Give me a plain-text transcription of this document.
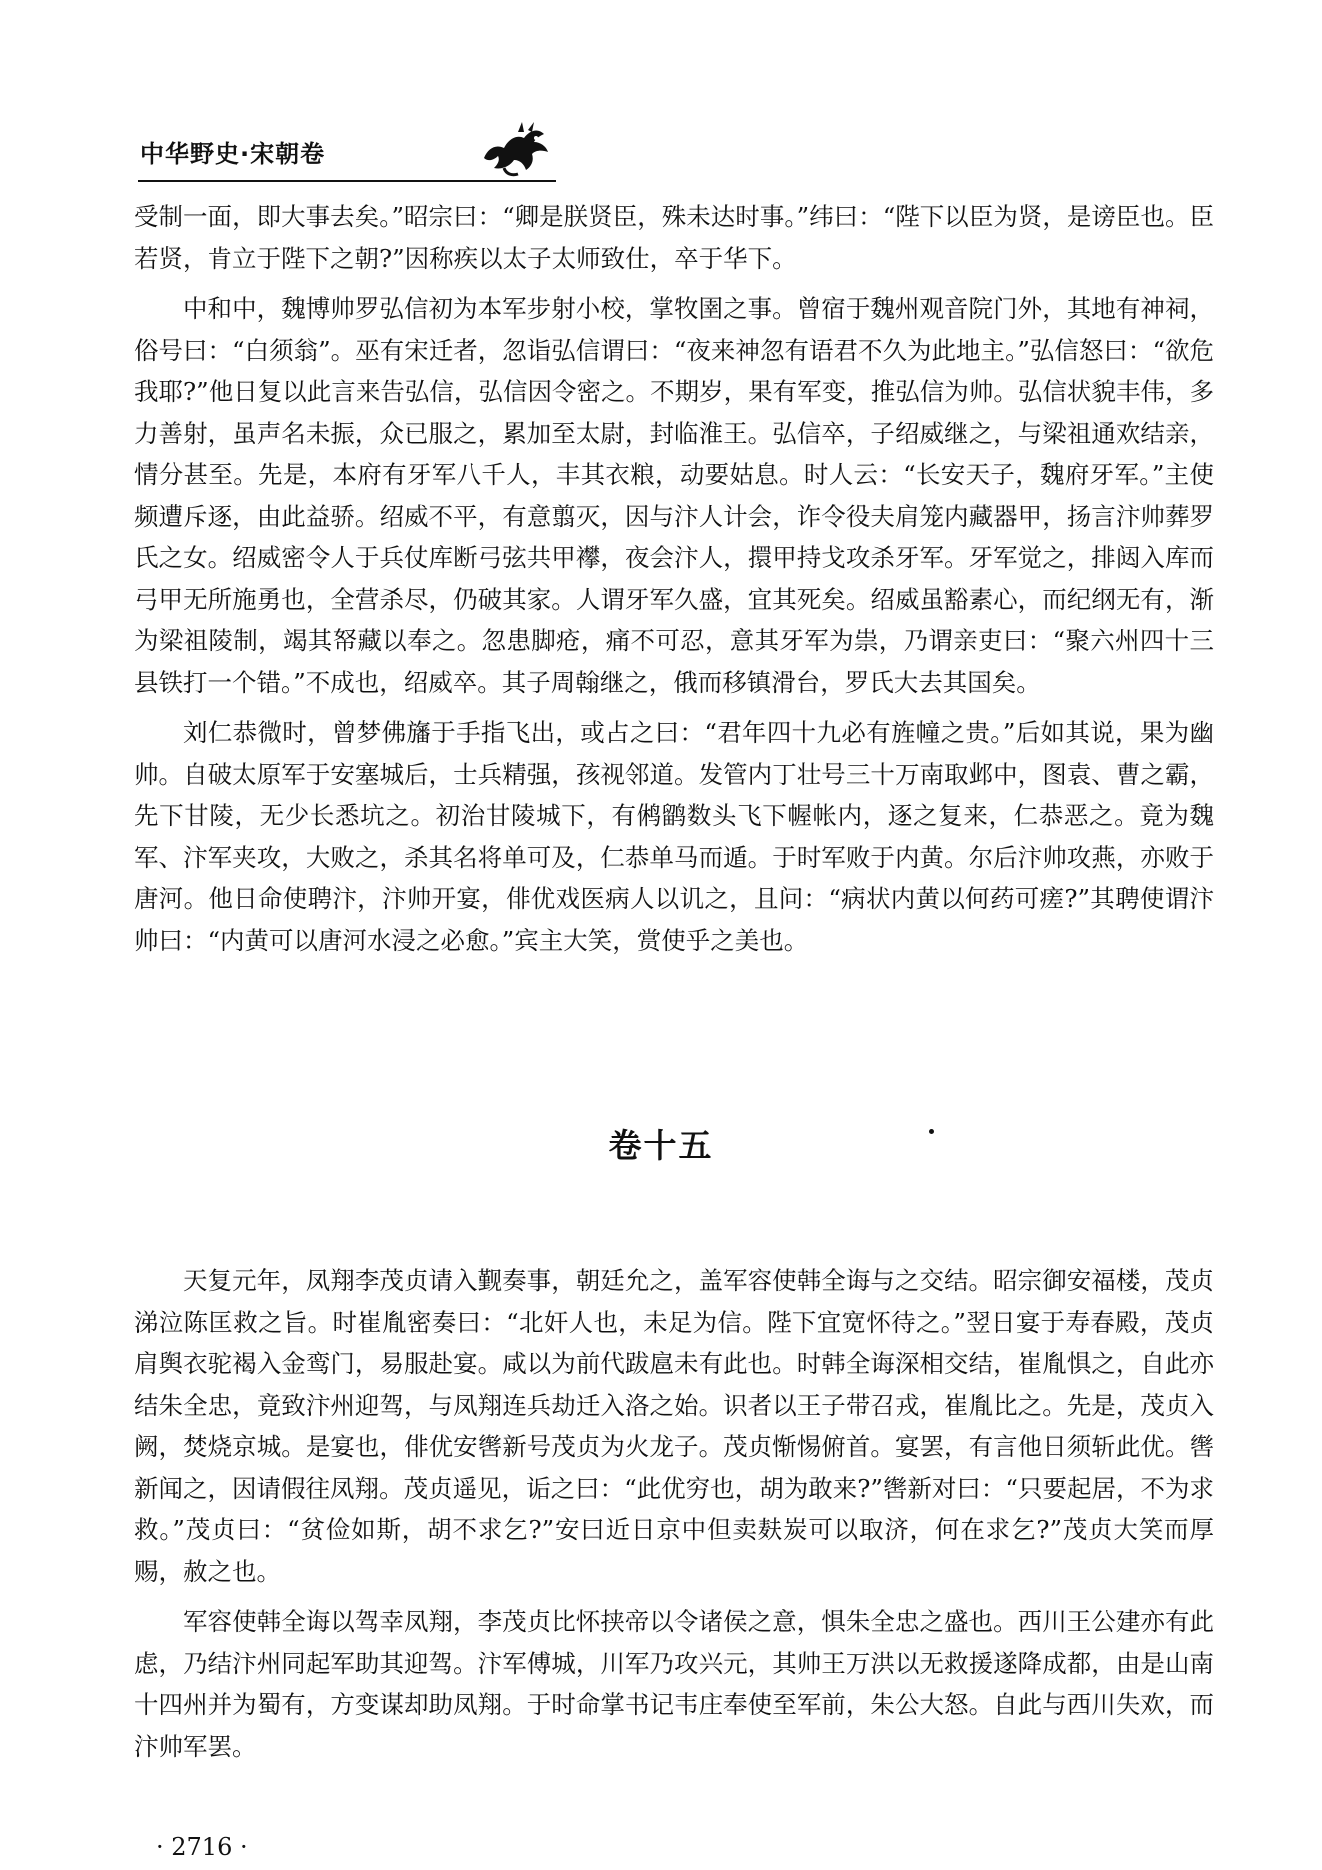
中华野史·宋朝卷

受制一面，即大事去矣。”昭宗曰：“卿是朕贤臣，殊未达时事。”纬曰：“陛下以臣为贤，是谤臣也。臣若贤，肯立于陛下之朝?”因称疾以太子太师致仕，卒于华下。

中和中，魏博帅罗弘信初为本军步射小校，掌牧圉之事。曾宿于魏州观音院门外，其地有神祠，俗号曰：“白须翁”。巫有宋迁者，忽诣弘信谓曰：“夜来神忽有语君不久为此地主。”弘信怒曰：“欲危我耶?”他日复以此言来告弘信，弘信因令密之。不期岁，果有军变，推弘信为帅。弘信状貌丰伟，多力善射，虽声名未振，众已服之，累加至太尉，封临淮王。弘信卒，子绍威继之，与梁祖通欢结亲，情分甚至。先是，本府有牙军八千人，丰其衣粮，动要姑息。时人云：“长安天子，魏府牙军。”主使频遭斥逐，由此益骄。绍威不平，有意翦灭，因与汴人计会，诈令役夫肩笼内藏器甲，扬言汴帅葬罗氏之女。绍威密令人于兵仗库断弓弦共甲襻，夜会汴人，擐甲持戈攻杀牙军。牙军觉之，排闼入库而弓甲无所施勇也，全营杀尽，仍破其家。人谓牙军久盛，宜其死矣。绍威虽豁素心，而纪纲无有，渐为梁祖陵制，竭其帑藏以奉之。忽患脚疮，痛不可忍，意其牙军为祟，乃谓亲吏曰：“聚六州四十三县铁打一个错。”不成也，绍威卒。其子周翰继之，俄而移镇滑台，罗氏大去其国矣。

刘仁恭微时，曾梦佛旛于手指飞出，或占之曰：“君年四十九必有旌幢之贵。”后如其说，果为幽帅。自破太原军于安塞城后，士兵精强，孩视邻道。发管内丁壮号三十万南取邺中，图袁、曹之霸，先下甘陵，无少长悉坑之。初治甘陵城下，有鸺鹠数头飞下幄帐内，逐之复来，仁恭恶之。竟为魏军、汴军夹攻，大败之，杀其名将单可及，仁恭单马而遁。于时军败于内黄。尔后汴帅攻燕，亦败于唐河。他日命使聘汴，汴帅开宴，俳优戏医病人以讥之，且问：“病状内黄以何药可瘥?”其聘使谓汴帅曰：“内黄可以唐河水浸之必愈。”宾主大笑，赏使乎之美也。

卷十五

天复元年，凤翔李茂贞请入觐奏事，朝廷允之，盖军容使韩全诲与之交结。昭宗御安福楼，茂贞涕泣陈匡救之旨。时崔胤密奏曰：“北奸人也，未足为信。陛下宜宽怀待之。”翌日宴于寿春殿，茂贞肩舆衣驼褐入金鸾门，易服赴宴。咸以为前代跋扈未有此也。时韩全诲深相交结，崔胤惧之，自此亦结朱全忠，竟致汴州迎驾，与凤翔连兵劫迁入洛之始。识者以王子带召戎，崔胤比之。先是，茂贞入阙，焚烧京城。是宴也，俳优安辔新号茂贞为火龙子。茂贞惭惕俯首。宴罢，有言他日须斩此优。辔新闻之，因请假往凤翔。茂贞遥见，诟之曰：“此优穷也，胡为敢来?”辔新对曰：“只要起居，不为求救。”茂贞曰：“贫俭如斯，胡不求乞?”安曰近日京中但卖麸炭可以取济，何在求乞?”茂贞大笑而厚赐，赦之也。

军容使韩全诲以驾幸凤翔，李茂贞比怀挟帝以令诸侯之意，惧朱全忠之盛也。西川王公建亦有此虑，乃结汴州同起军助其迎驾。汴军傅城，川军乃攻兴元，其帅王万洪以无救援遂降成都，由是山南十四州并为蜀有，方变谋却助凤翔。于时命掌书记韦庄奉使至军前，朱公大怒。自此与西川失欢，而汴帅军罢。

· 2716 ·
